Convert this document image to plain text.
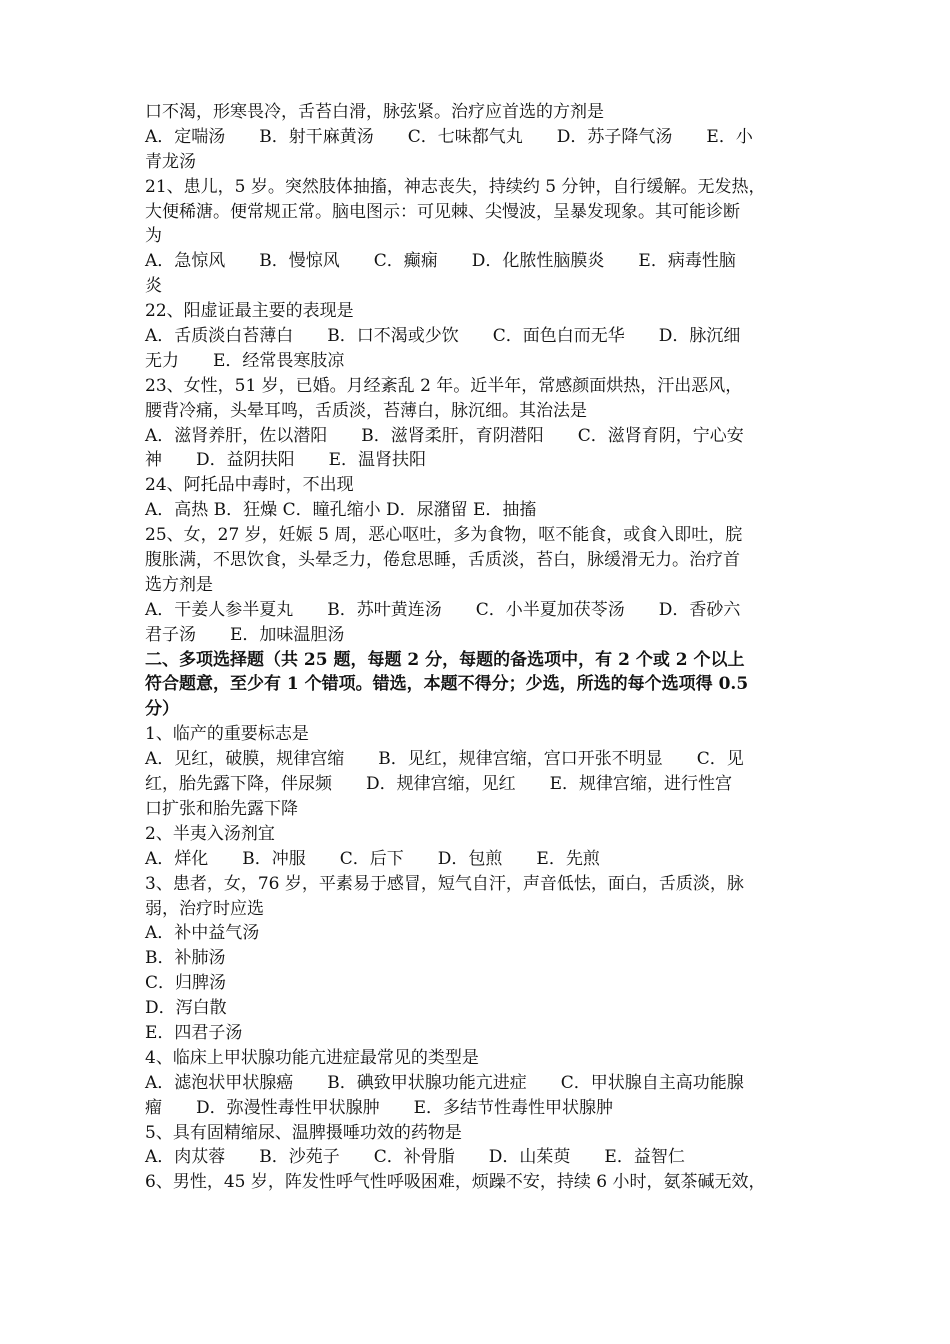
口不渴，形寒畏冷，舌苔白滑，脉弦紧。治疗应首选的方剂是
A．定喘汤　　B．射干麻黄汤　　C．七味都气丸　　D．苏子降气汤　　E．小
青龙汤
21、患儿，5 岁。突然肢体抽搐，神志丧失，持续约 5 分钟，自行缓解。无发热，
大便稀溏。便常规正常。脑电图示：可见棘、尖慢波，呈暴发现象。其可能诊断
为
A．急惊风　　B．慢惊风　　C．癫痫　　D．化脓性脑膜炎　　E．病毒性脑
炎
22、阳虚证最主要的表现是
A．舌质淡白苔薄白　　B．口不渴或少饮　　C．面色白而无华　　D．脉沉细
无力　　E．经常畏寒肢凉
23、女性，51 岁，已婚。月经紊乱 2 年。近半年，常感颜面烘热，汗出恶风，
腰背冷痛，头晕耳鸣，舌质淡，苔薄白，脉沉细。其治法是
A．滋肾养肝，佐以潜阳　　B．滋肾柔肝，育阴潜阳　　C．滋肾育阴，宁心安
神　　D．益阴扶阳　　E．温肾扶阳
24、阿托品中毒时，不出现
A．高热 B．狂燥 C．瞳孔缩小 D．尿潴留 E．抽搐
25、女，27 岁，妊娠 5 周，恶心呕吐，多为食物，呕不能食，或食入即吐，脘
腹胀满，不思饮食，头晕乏力，倦怠思睡，舌质淡，苔白，脉缓滑无力。治疗首
选方剂是
A．干姜人参半夏丸　　B．苏叶黄连汤　　C．小半夏加茯苓汤　　D．香砂六
君子汤　　E．加味温胆汤
二、多项选择题（共 25 题，每题 2 分，每题的备选项中，有 2 个或 2 个以上
符合题意，至少有 1 个错项。错选，本题不得分；少选，所选的每个选项得 0.5
分）
1、临产的重要标志是
A．见红，破膜，规律宫缩　　B．见红，规律宫缩，宫口开张不明显　　C．见
红，胎先露下降，伴尿频　　D．规律宫缩，见红　　E．规律宫缩，进行性宫
口扩张和胎先露下降
2、半夷入汤剂宜
A．烊化　　B．冲服　　C．后下　　D．包煎　　E．先煎
3、患者，女，76 岁，平素易于感冒，短气自汗，声音低怯，面白，舌质淡，脉
弱，治疗时应选
A．补中益气汤
B．补肺汤
C．归脾汤
D．泻白散
E．四君子汤
4、临床上甲状腺功能亢进症最常见的类型是
A．滤泡状甲状腺癌　　B．碘致甲状腺功能亢进症　　C．甲状腺自主高功能腺
瘤　　D．弥漫性毒性甲状腺肿　　E．多结节性毒性甲状腺肿
5、具有固精缩尿、温脾摄唾功效的药物是
A．肉苁蓉　　B．沙苑子　　C．补骨脂　　D．山茱萸　　E．益智仁
6、男性，45 岁，阵发性呼气性呼吸困难，烦躁不安，持续 6 小时，氨茶碱无效，
